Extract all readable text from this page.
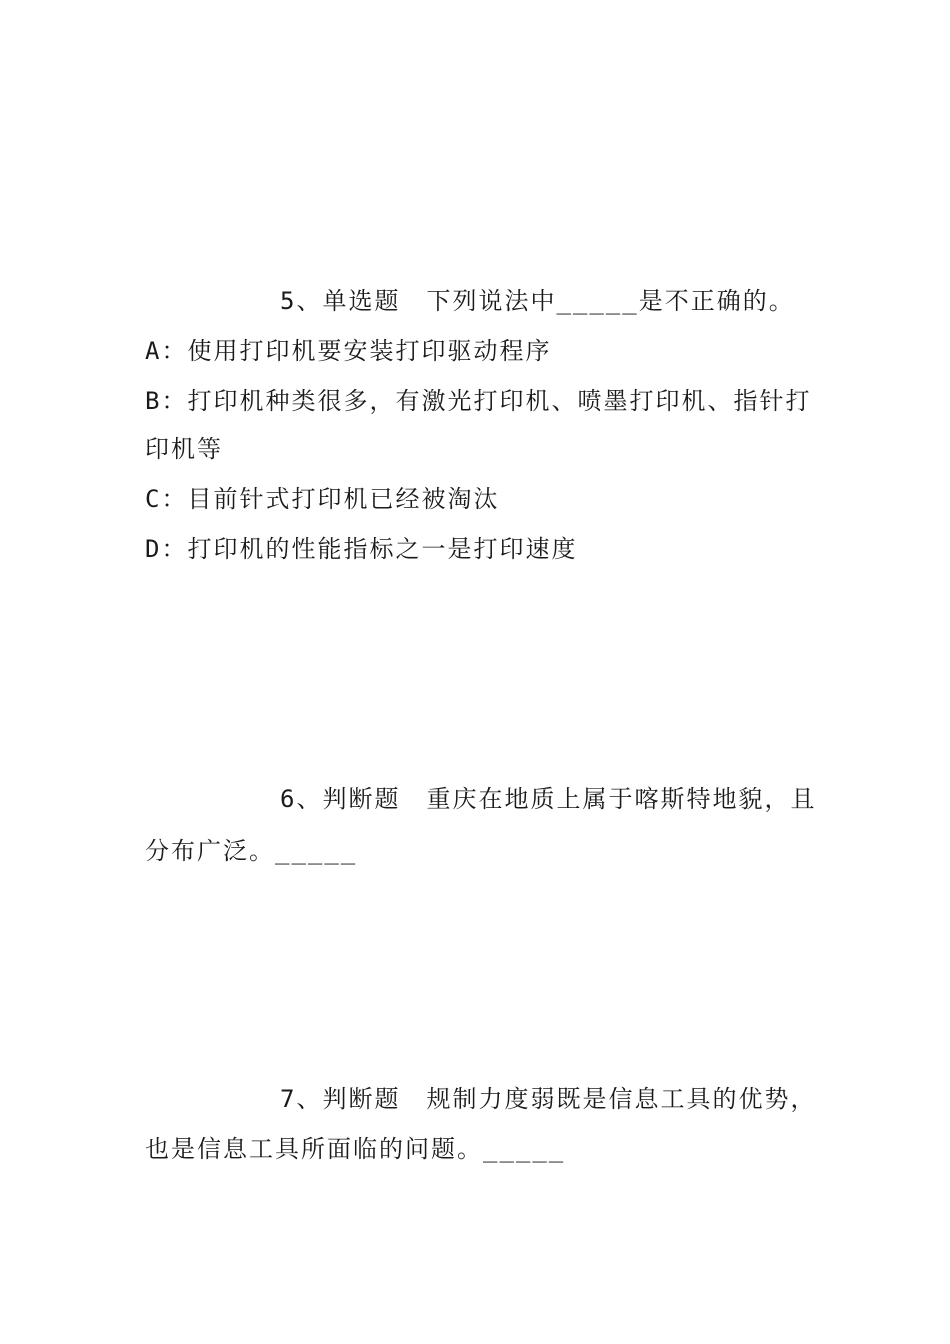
5、单选题　下列说法中_____是不正确的。
A：使用打印机要安装打印驱动程序
B：打印机种类很多，有激光打印机、喷墨打印机、指针打
印机等
C：目前针式打印机已经被淘汰
D：打印机的性能指标之一是打印速度
6、判断题　重庆在地质上属于喀斯特地貌，且
分布广泛。_____
7、判断题　规制力度弱既是信息工具的优势，
也是信息工具所面临的问题。_____
